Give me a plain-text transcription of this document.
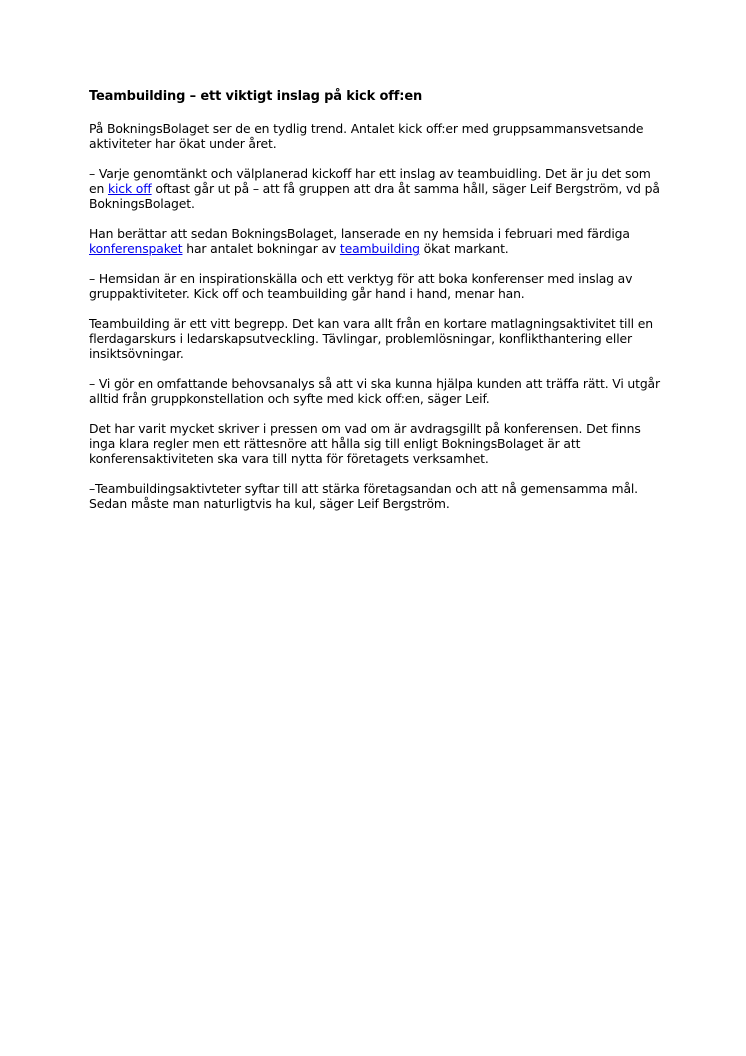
Teambuilding – ett viktigt inslag på kick off:en

På BokningsBolaget ser de en tydlig trend. Antalet kick off:er med gruppsammansvetsande aktiviteter har ökat under året.

– Varje genomtänkt och välplanerad kickoff har ett inslag av teambuidling. Det är ju det som en kick off oftast går ut på – att få gruppen att dra åt samma håll, säger Leif Bergström, vd på BokningsBolaget.

Han berättar att sedan BokningsBolaget, lanserade en ny hemsida i februari med färdiga konferenspaket har antalet bokningar av teambuilding ökat markant.

– Hemsidan är en inspirationskälla och ett verktyg för att boka konferenser med inslag av gruppaktiviteter. Kick off och teambuilding går hand i hand, menar han.

Teambuilding är ett vitt begrepp. Det kan vara allt från en kortare matlagningsaktivitet till en flerdagarskurs i ledarskapsutveckling. Tävlingar, problemlösningar, konflikthantering eller insiktsövningar.

– Vi gör en omfattande behovsanalys så att vi ska kunna hjälpa kunden att träffa rätt. Vi utgår alltid från gruppkonstellation och syfte med kick off:en, säger Leif.

Det har varit mycket skriver i pressen om vad om är avdragsgillt på konferensen. Det finns inga klara regler men ett rättesnöre att hålla sig till enligt BokningsBolaget är att konferensaktiviteten ska vara till nytta för företagets verksamhet.

–Teambuildingsaktivteter syftar till att stärka företagsandan och att nå gemensamma mål. Sedan måste man naturligtvis ha kul, säger Leif Bergström.
